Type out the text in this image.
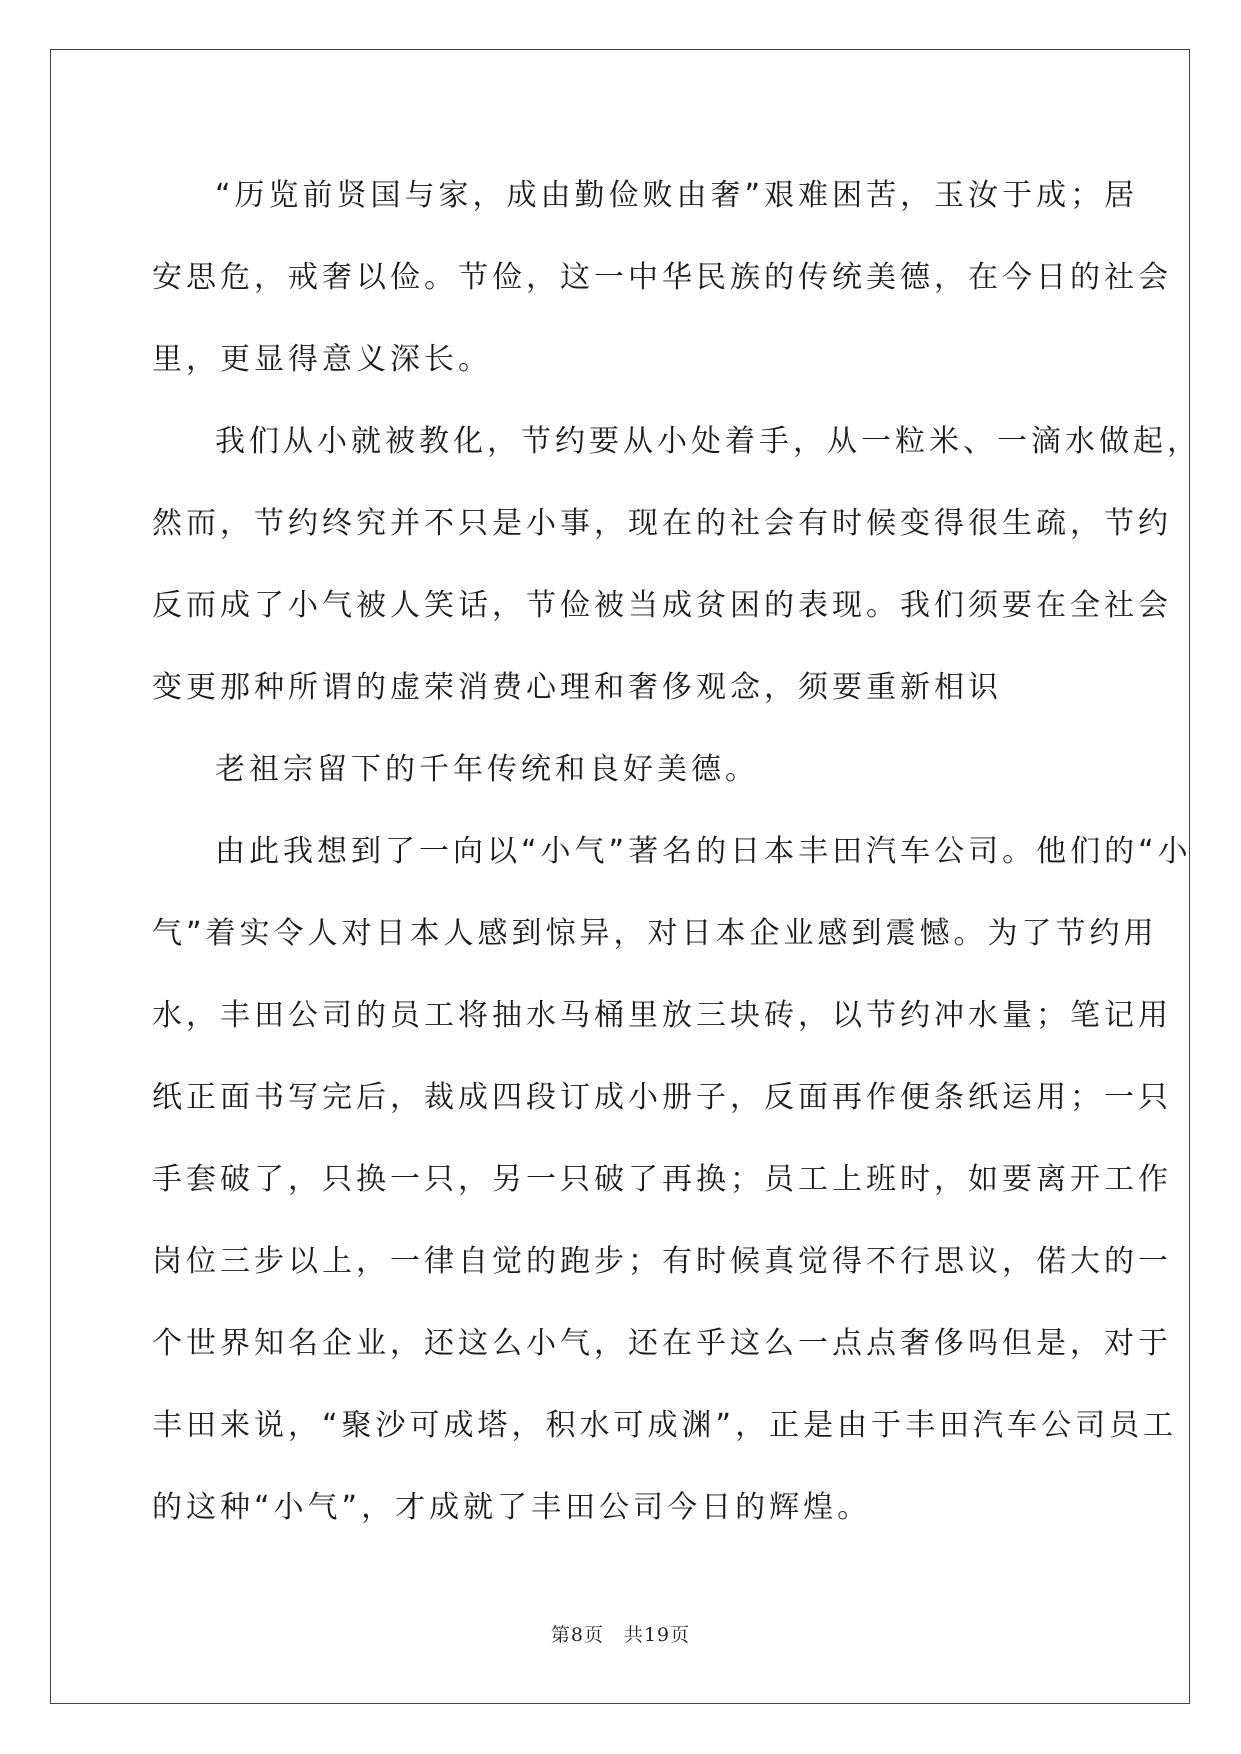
“历览前贤国与家，成由勤俭败由奢”艰难困苦，玉汝于成；居

安思危，戒奢以俭。节俭，这一中华民族的传统美德，在今日的社会

里，更显得意义深长。

我们从小就被教化，节约要从小处着手，从一粒米、一滴水做起，

然而，节约终究并不只是小事，现在的社会有时候变得很生疏，节约

反而成了小气被人笑话，节俭被当成贫困的表现。我们须要在全社会

变更那种所谓的虚荣消费心理和奢侈观念，须要重新相识

老祖宗留下的千年传统和良好美德。

由此我想到了一向以“小气”著名的日本丰田汽车公司。他们的“小

气”着实令人对日本人感到惊异，对日本企业感到震憾。为了节约用

水，丰田公司的员工将抽水马桶里放三块砖，以节约冲水量；笔记用

纸正面书写完后，裁成四段订成小册子，反面再作便条纸运用；一只

手套破了，只换一只，另一只破了再换；员工上班时，如要离开工作

岗位三步以上，一律自觉的跑步；有时候真觉得不行思议，偌大的一

个世界知名企业，还这么小气，还在乎这么一点点奢侈吗但是，对于

丰田来说，“聚沙可成塔，积水可成渊”，正是由于丰田汽车公司员工

的这种“小气”，才成就了丰田公司今日的辉煌。

第8页 共19页
